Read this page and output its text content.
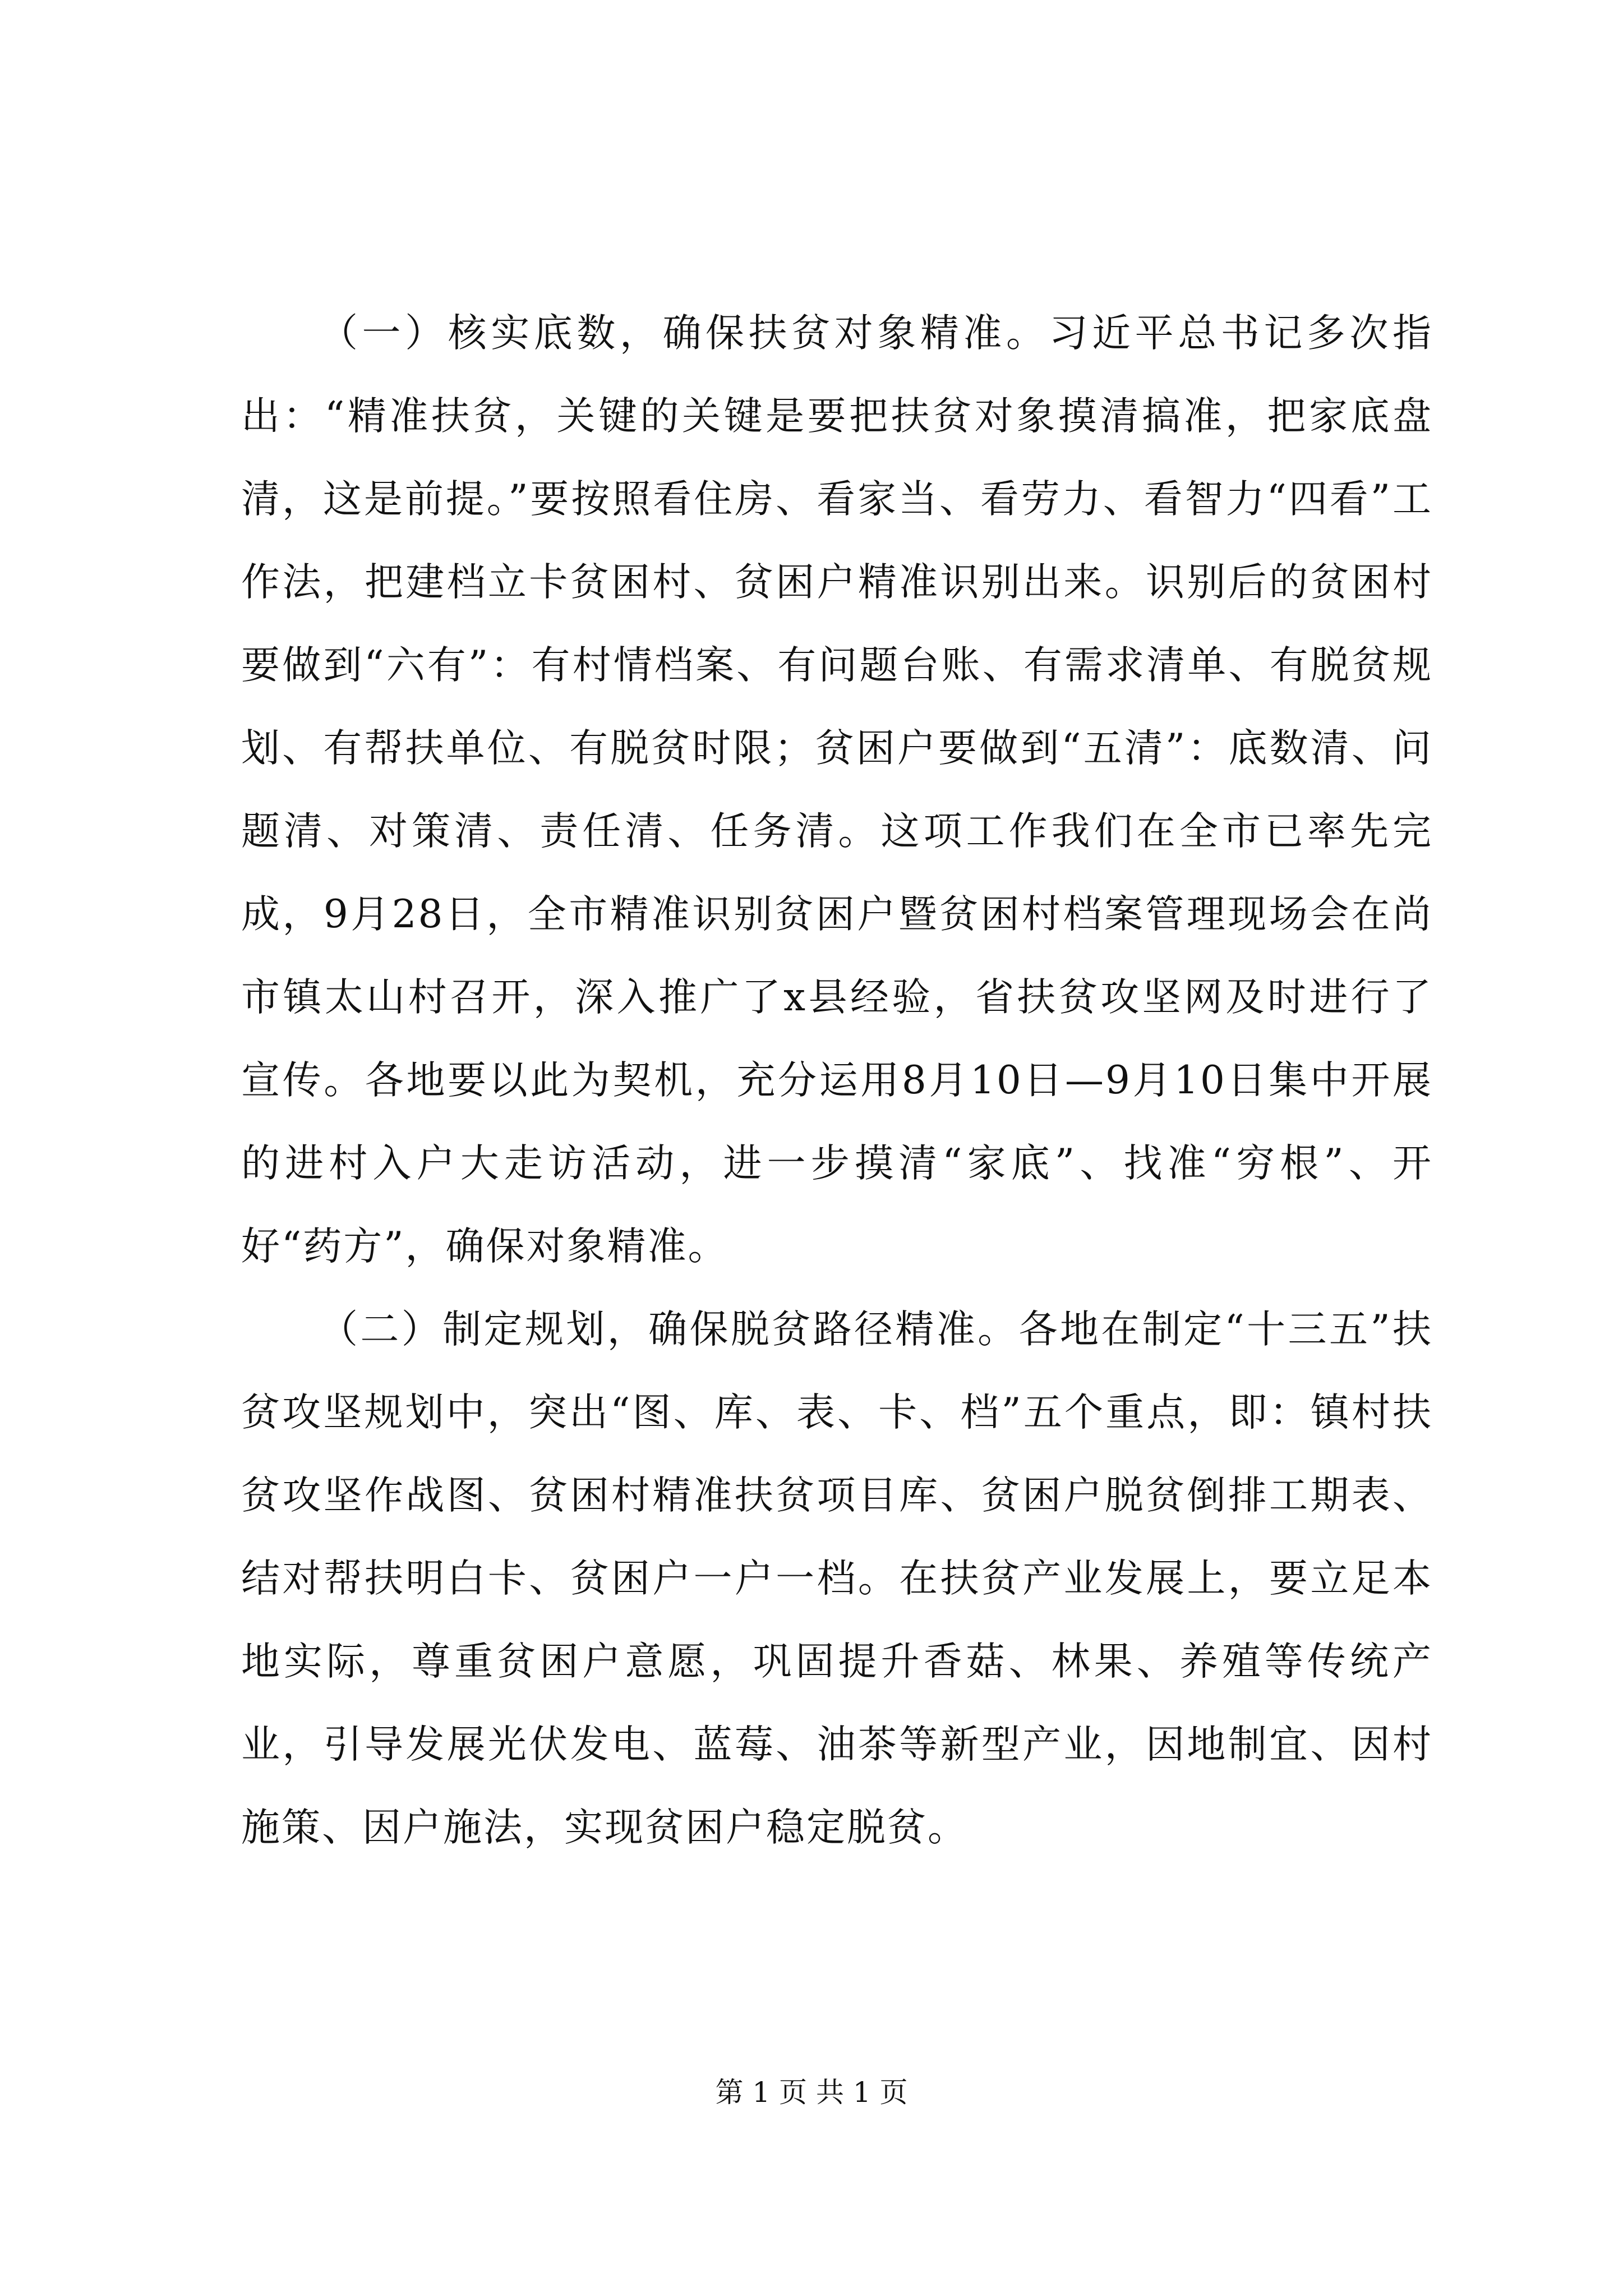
（一）核实底数，确保扶贫对象精准。习近平总书记多次指出：“精准扶贫，关键的关键是要把扶贫对象摸清搞准，把家底盘清，这是前提。”要按照看住房、看家当、看劳力、看智力“四看”工作法，把建档立卡贫困村、贫困户精准识别出来。识别后的贫困村要做到“六有”：有村情档案、有问题台账、有需求清单、有脱贫规划、有帮扶单位、有脱贫时限；贫困户要做到“五清”：底数清、问题清、对策清、责任清、任务清。这项工作我们在全市已率先完成，9月28日，全市精准识别贫困户暨贫困村档案管理现场会在尚市镇太山村召开，深入推广了x县经验，省扶贫攻坚网及时进行了宣传。各地要以此为契机，充分运用8月10日—9月10日集中开展的进村入户大走访活动，进一步摸清“家底”、找准“穷根”、开好“药方”，确保对象精准。

（二）制定规划，确保脱贫路径精准。各地在制定“十三五”扶贫攻坚规划中，突出“图、库、表、卡、档”五个重点，即：镇村扶贫攻坚作战图、贫困村精准扶贫项目库、贫困户脱贫倒排工期表、结对帮扶明白卡、贫困户一户一档。在扶贫产业发展上，要立足本地实际，尊重贫困户意愿，巩固提升香菇、林果、养殖等传统产业，引导发展光伏发电、蓝莓、油茶等新型产业，因地制宜、因村施策、因户施法，实现贫困户稳定脱贫。

第 1 页 共 1 页
